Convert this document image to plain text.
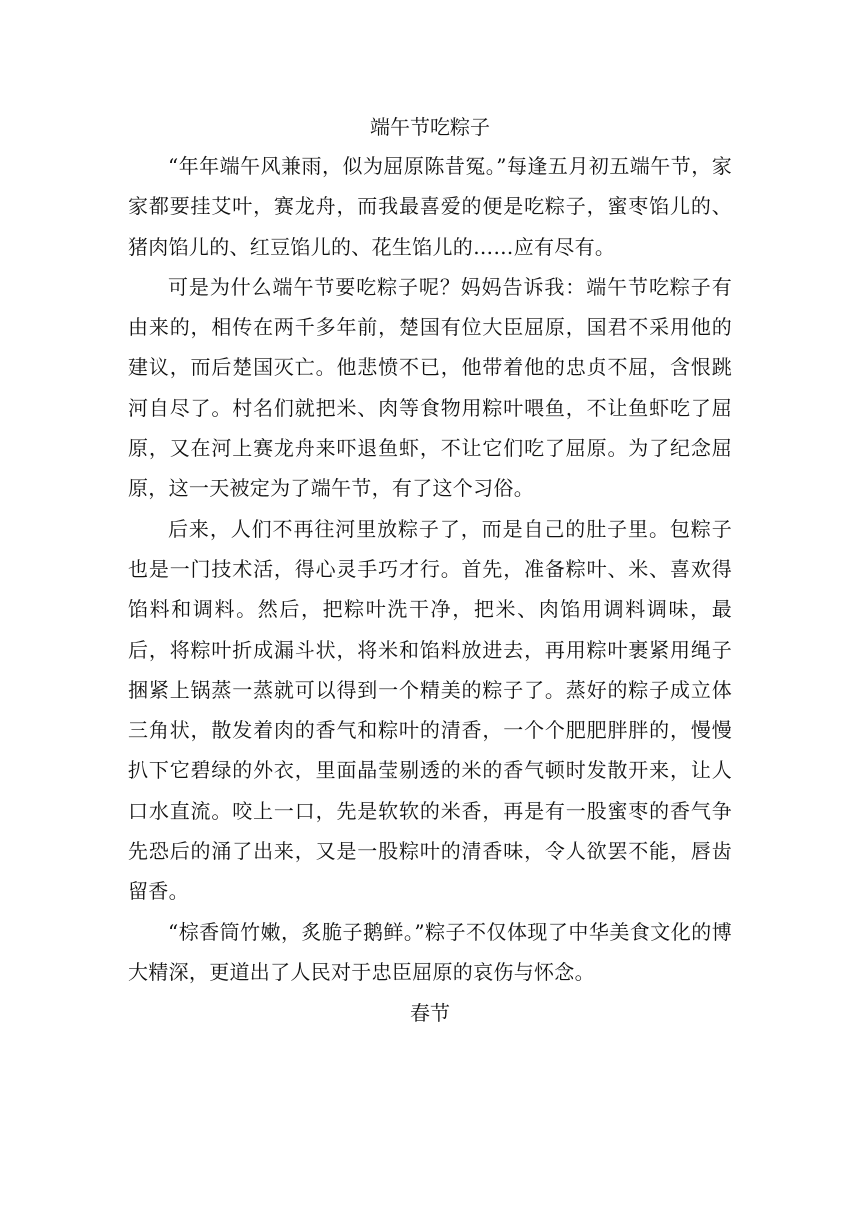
端午节吃粽子

“年年端午风兼雨，似为屈原陈昔冤。”每逢五月初五端午节，家家都要挂艾叶，赛龙舟，而我最喜爱的便是吃粽子，蜜枣馅儿的、猪肉馅儿的、红豆馅儿的、花生馅儿的……应有尽有。

可是为什么端午节要吃粽子呢？妈妈告诉我：端午节吃粽子有由来的，相传在两千多年前，楚国有位大臣屈原，国君不采用他的建议，而后楚国灭亡。他悲愤不已，他带着他的忠贞不屈，含恨跳河自尽了。村名们就把米、肉等食物用粽叶喂鱼，不让鱼虾吃了屈原，又在河上赛龙舟来吓退鱼虾，不让它们吃了屈原。为了纪念屈原，这一天被定为了端午节，有了这个习俗。

后来，人们不再往河里放粽子了，而是自己的肚子里。包粽子也是一门技术活，得心灵手巧才行。首先，准备粽叶、米、喜欢得馅料和调料。然后，把粽叶洗干净，把米、肉馅用调料调味，最后，将粽叶折成漏斗状，将米和馅料放进去，再用粽叶裹紧用绳子捆紧上锅蒸一蒸就可以得到一个精美的粽子了。蒸好的粽子成立体三角状，散发着肉的香气和粽叶的清香，一个个肥肥胖胖的，慢慢扒下它碧绿的外衣，里面晶莹剔透的米的香气顿时发散开来，让人口水直流。咬上一口，先是软软的米香，再是有一股蜜枣的香气争先恐后的涌了出来，又是一股粽叶的清香味，令人欲罢不能，唇齿留香。

“棕香筒竹嫩，炙脆子鹅鲜。”粽子不仅体现了中华美食文化的博大精深，更道出了人民对于忠臣屈原的哀伤与怀念。

春节
